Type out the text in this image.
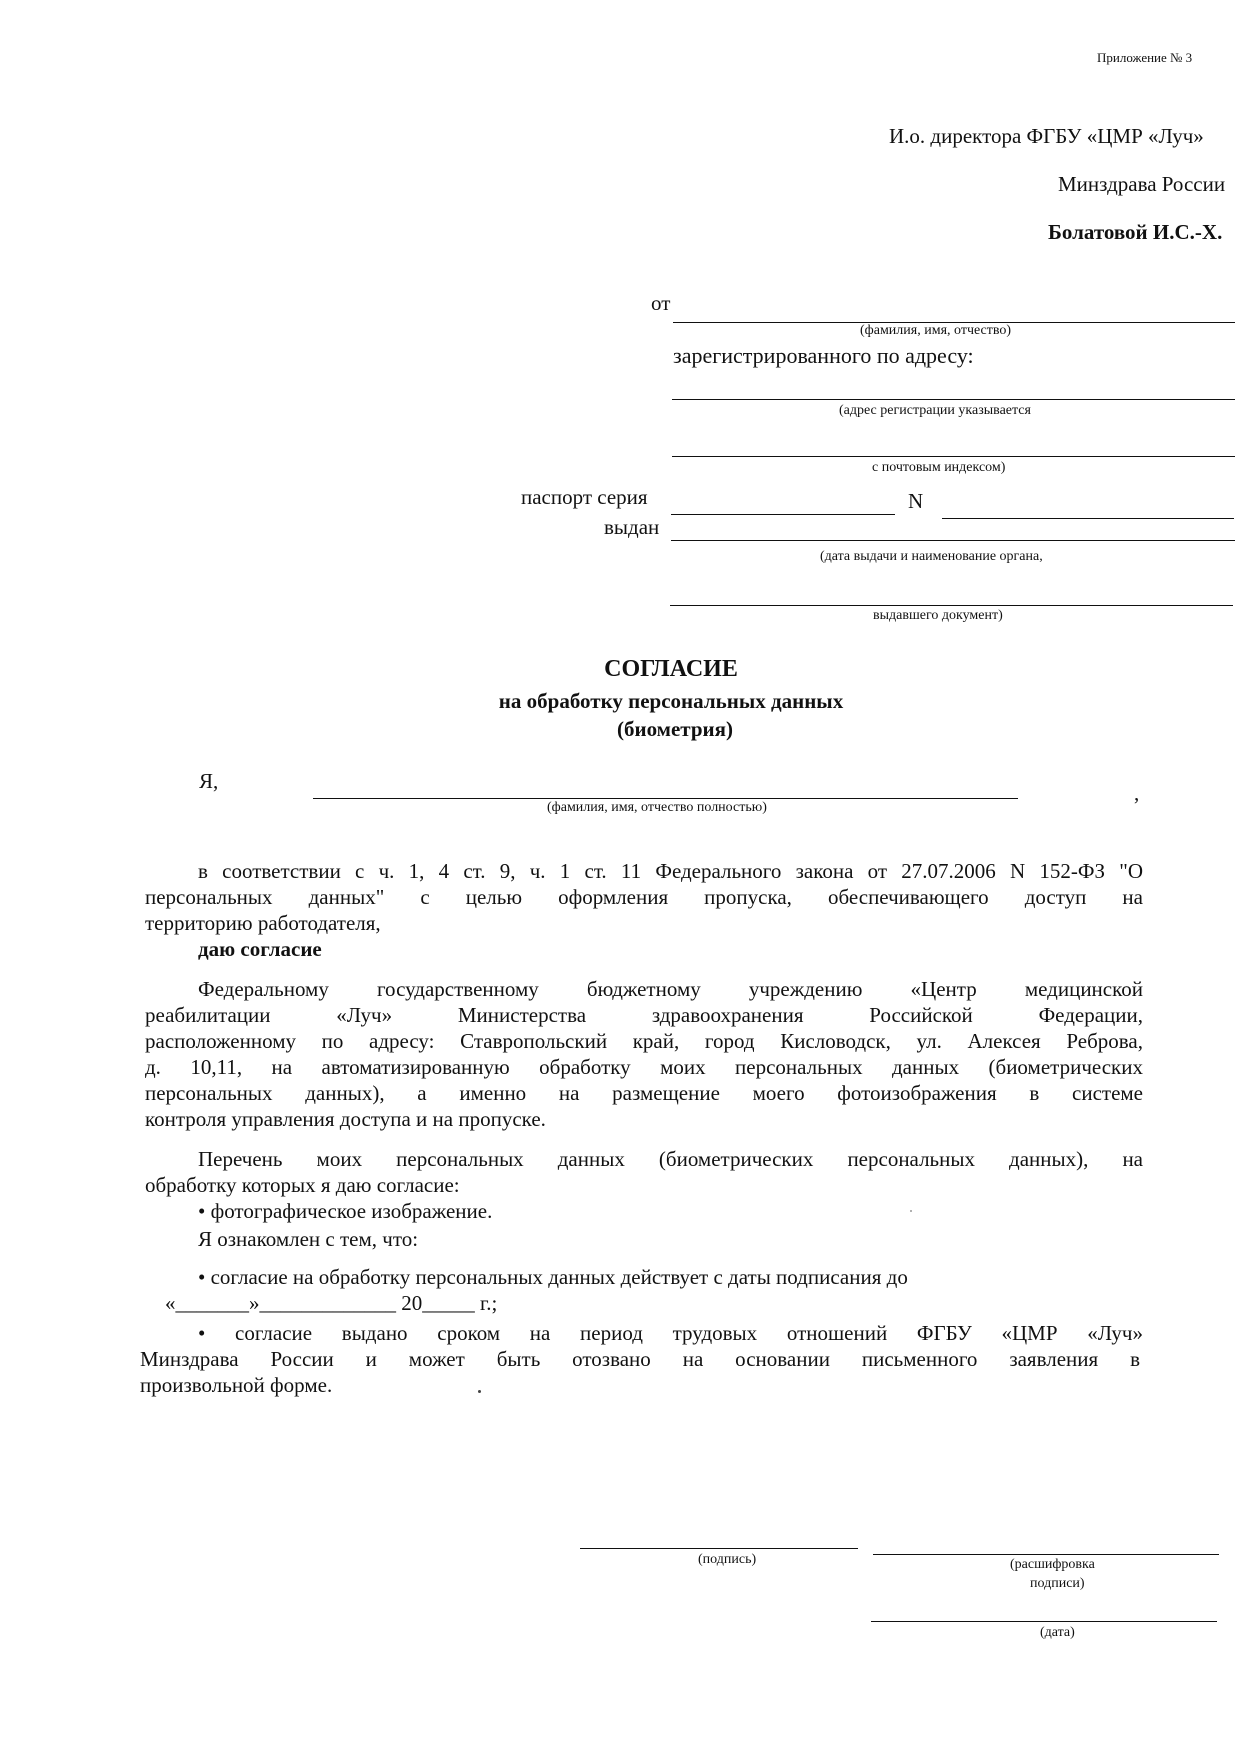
Приложение № 3
И.о. директора ФГБУ «ЦМР «Луч»
Минздрава России
Болатовой И.С.-Х.
от
(фамилия, имя, отчество)
зарегистрированного по адресу:
(адрес регистрации указывается
с почтовым индексом)
паспорт серия	N
выдан
(дата выдачи и наименование органа,
выдавшего документ)
СОГЛАСИЕ
на обработку персональных данных
(биометрия)
Я,
(фамилия, имя, отчество полностью)
,
в соответствии с ч. 1, 4 ст. 9, ч. 1 ст. 11 Федерального закона от 27.07.2006 N 152-ФЗ "О
персональных данных" с целью оформления пропуска, обеспечивающего доступ на
территорию работодателя,
даю согласие
Федеральному государственному бюджетному учреждению «Центр медицинской
реабилитации «Луч» Министерства здравоохранения Российской Федерации,
расположенному по адресу: Ставропольский край, город Кисловодск, ул. Алексея Реброва,
д. 10,11, на автоматизированную обработку моих персональных данных (биометрических
персональных данных), а именно на размещение моего фотоизображения в системе
контроля управления доступа и на пропуске.
Перечень моих персональных данных (биометрических персональных данных), на
обработку которых я даю согласие:
• фотографическое изображение.
Я ознакомлен с тем, что:
• согласие на обработку персональных данных действует с даты подписания до
«_______»_____________ 20_____ г.;
• согласие выдано сроком на период трудовых отношений ФГБУ «ЦМР «Луч»
Минздрава России и может быть отозвано на основании письменного заявления в
произвольной форме.
(подпись)	(расшифровка
подписи)
(дата)
